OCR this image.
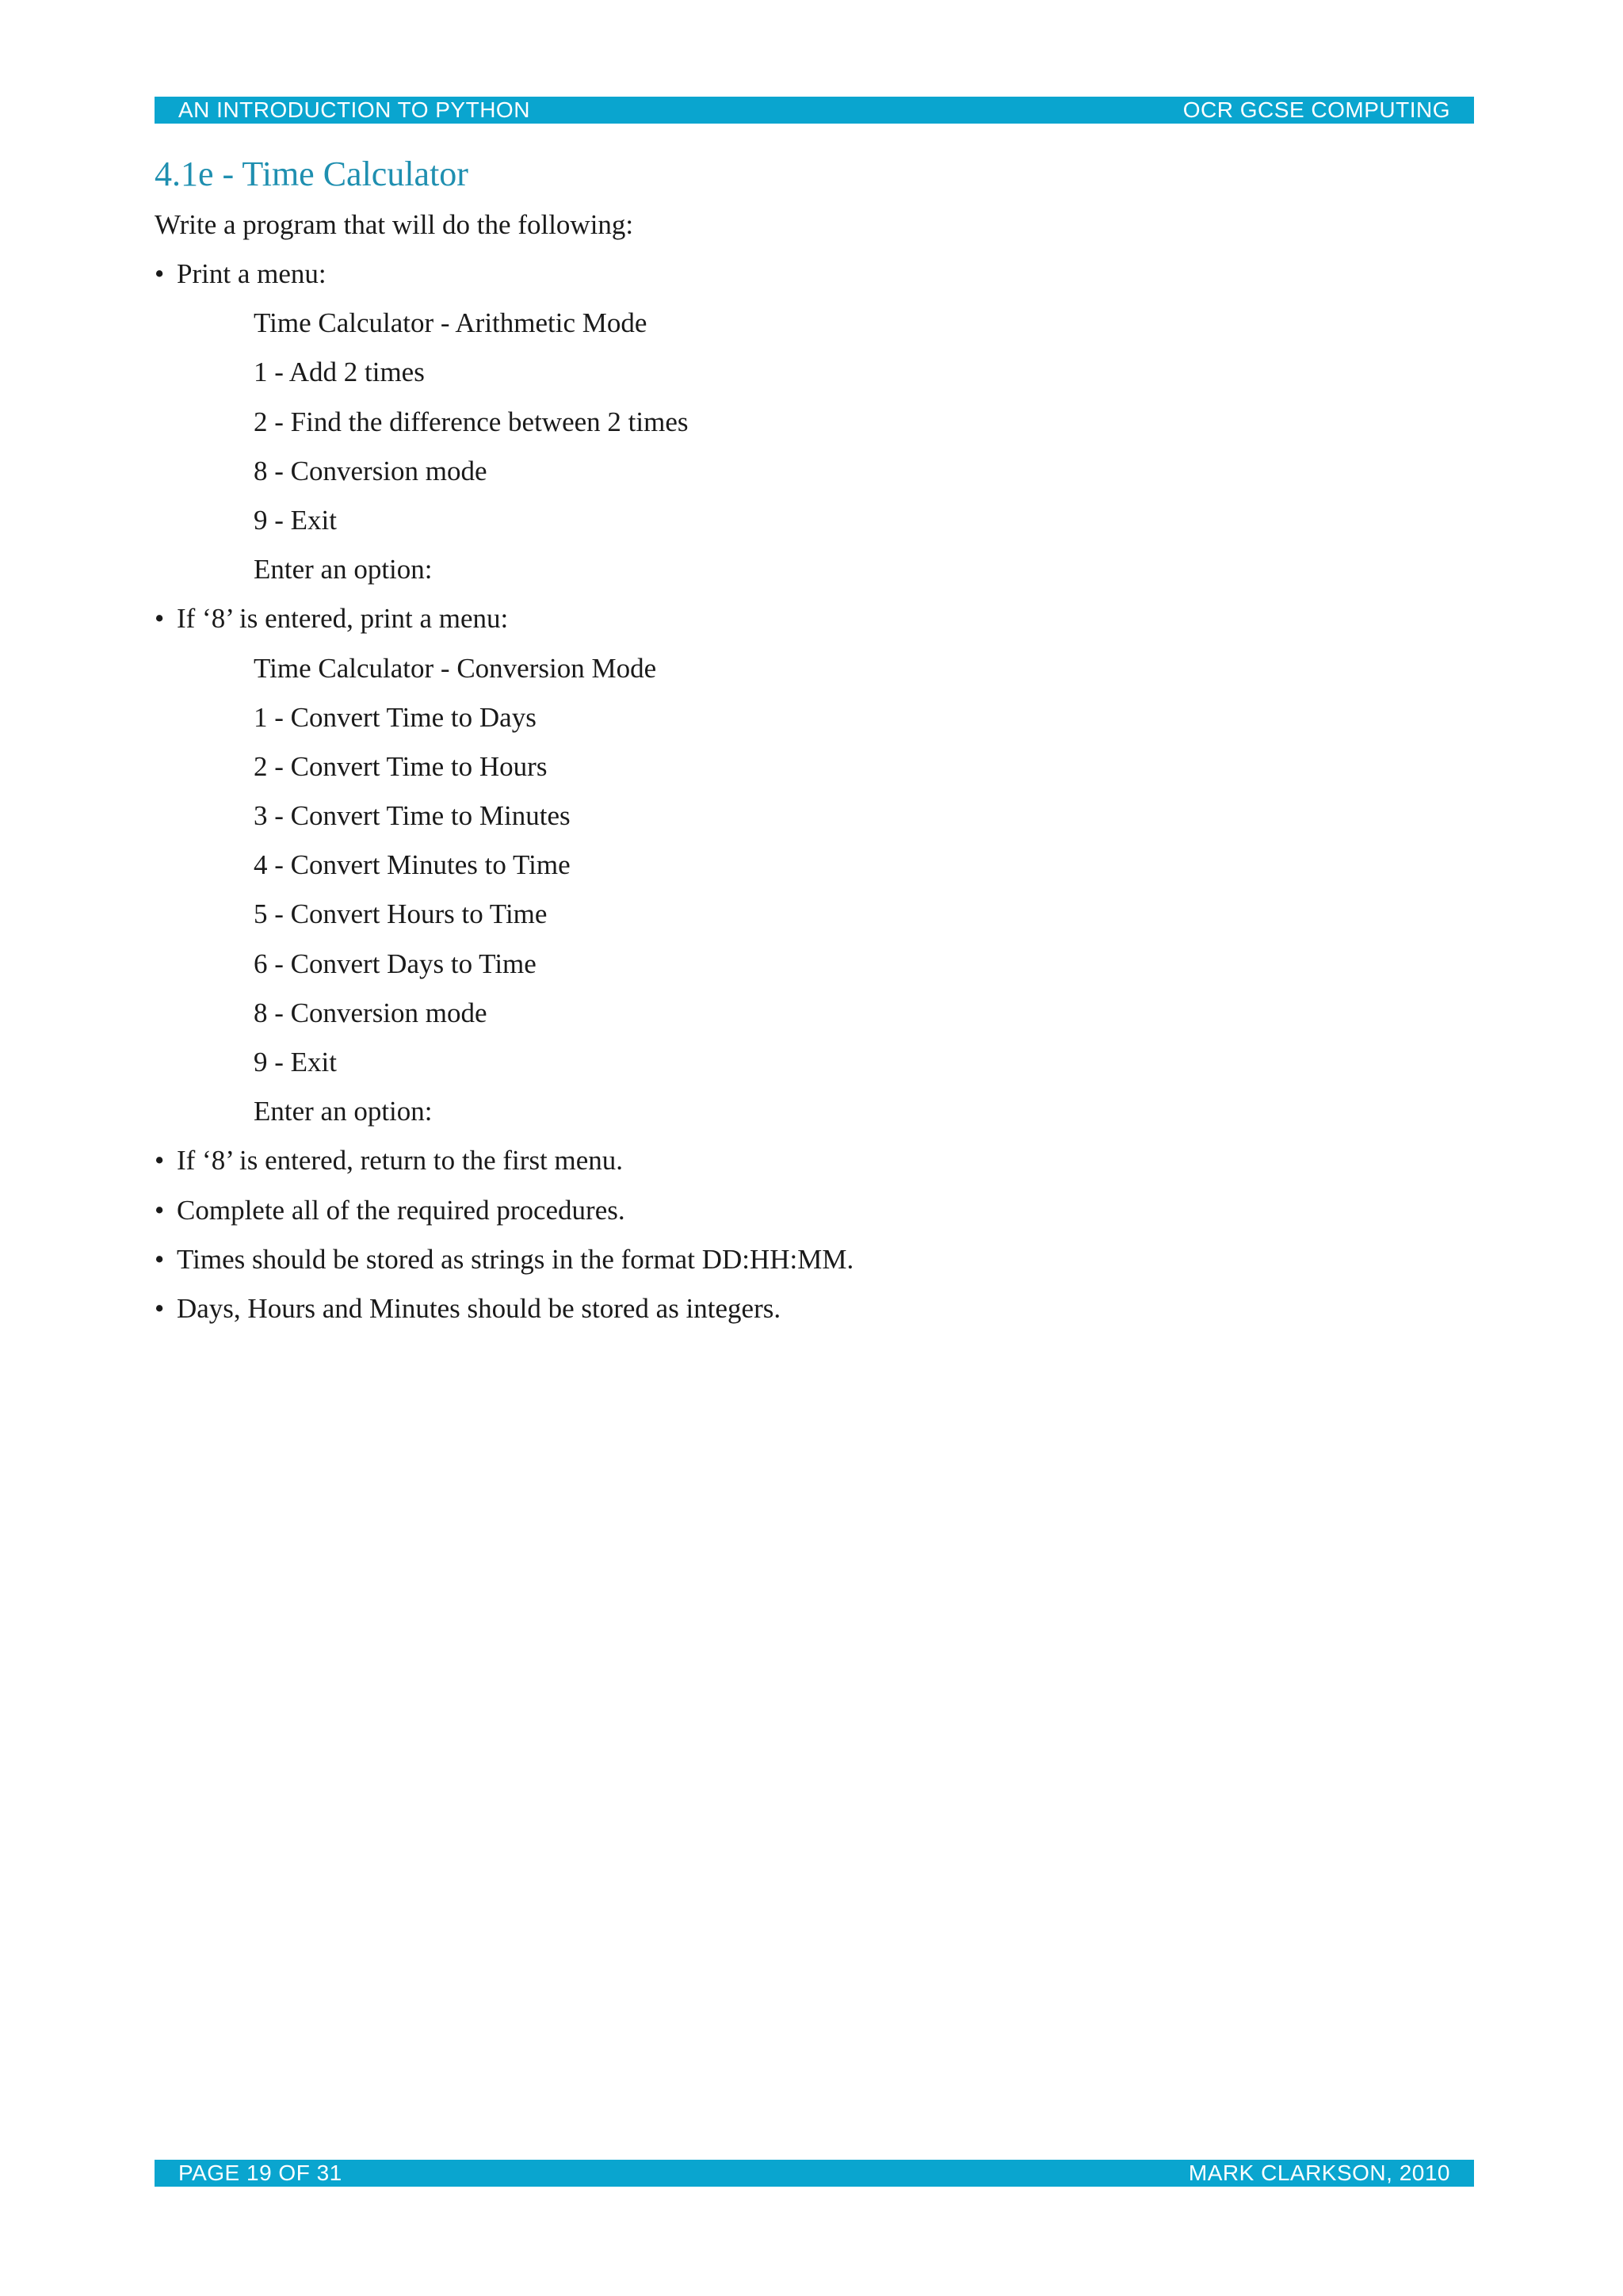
AN INTRODUCTION TO PYTHON	OCR GCSE COMPUTING
4.1e - Time Calculator
Write a program that will do the following:
• Print a menu:
Time Calculator - Arithmetic Mode
1 - Add 2 times
2 - Find the difference between 2 times
8 - Conversion mode
9 - Exit
Enter an option:
• If ‘8’ is entered, print a menu:
Time Calculator - Conversion Mode
1 - Convert Time to Days
2 - Convert Time to Hours
3 - Convert Time to Minutes
4 - Convert Minutes to Time
5 - Convert Hours to Time
6 - Convert Days to Time
8 - Conversion mode
9 - Exit
Enter an option:
• If ‘8’ is entered, return to the first menu.
• Complete all of the required procedures.
• Times should be stored as strings in the format DD:HH:MM.
• Days, Hours and Minutes should be stored as integers.
PAGE 19 OF 31	MARK CLARKSON, 2010
